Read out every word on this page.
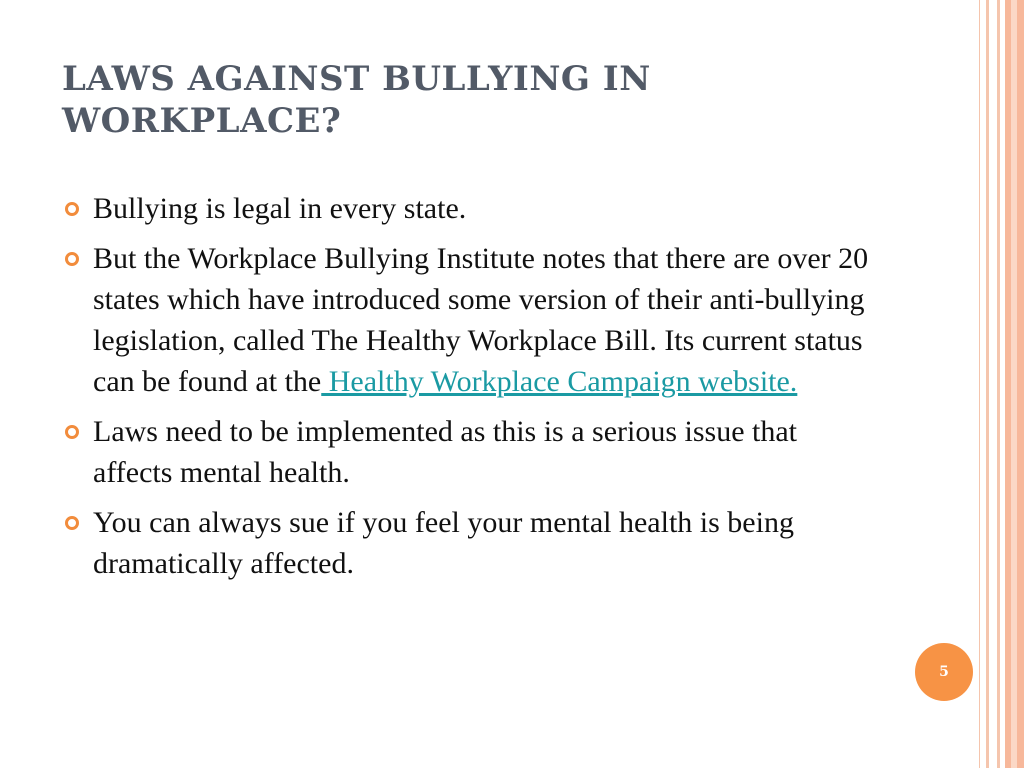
LAWS AGAINST BULLYING IN
WORKPLACE?
Bullying is legal in every state.
But the Workplace Bullying Institute notes that there are over 20 states which have introduced some version of their anti-bullying legislation, called The Healthy Workplace Bill. Its current status can be found at the Healthy Workplace Campaign website.
Laws need to be implemented as this is a serious issue that affects mental health.
You can always sue if you feel your mental health is being dramatically affected.
5
